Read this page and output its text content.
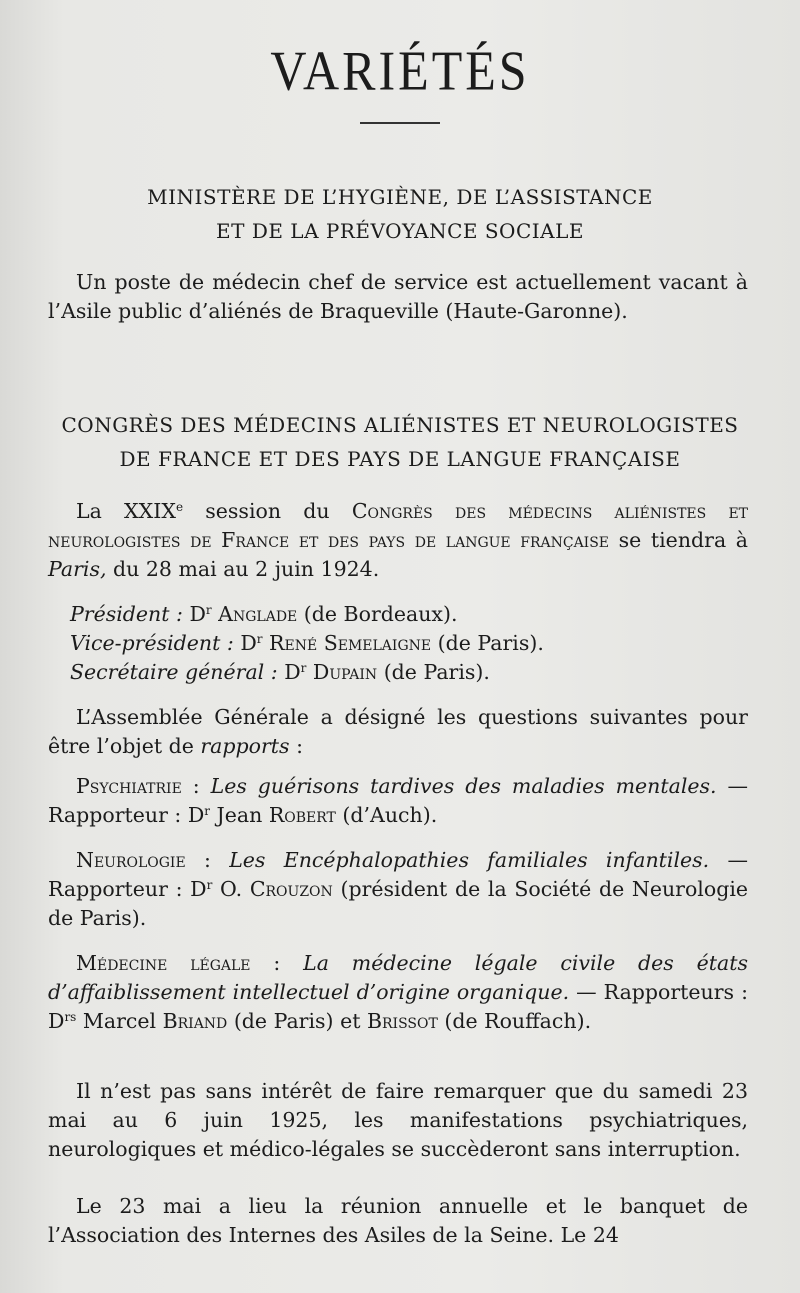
VARIÉTÉS
MINISTÈRE DE L’HYGIÈNE, DE L’ASSISTANCE
ET DE LA PRÉVOYANCE SOCIALE

Un poste de médecin chef de service est actuellement vacant à l’Asile public d’aliénés de Braqueville (Haute-Garonne).

CONGRÈS DES MÉDECINS ALIÉNISTES ET NEUROLOGISTES
DE FRANCE ET DES PAYS DE LANGUE FRANÇAISE

La XXIXe session du Congrès des médecins aliénistes et neurologistes de France et des pays de langue française se tiendra à Paris, du 28 mai au 2 juin 1924.

Président : $D^r$ Anglade (de Bordeaux).
Vice-président : $D^r$ René Semelaigne (de Paris).
Secrétaire général : $D^r$ Dupain (de Paris).

L’Assemblée Générale a désigné les questions suivantes pour être l’objet de rapports :

Psychiatrie : Les guérisons tardives des maladies mentales. — Rapporteur : $D^r$ Jean Robert (d’Auch).

Neurologie : Les Encéphalopathies familiales infantiles. — Rapporteur : $D^r$ O. Crouzon (président de la Société de Neurologie de Paris).

Médecine légale : La médecine légale civile des états d’affaiblissement intellectuel d’origine organique. — Rapporteurs : $D^{rs}$ Marcel Briand (de Paris) et Brissot (de Rouffach).

Il n’est pas sans intérêt de faire remarquer que du samedi 23 mai au 6 juin 1925, les manifestations psychiatriques, neurologiques et médico-légales se succèderont sans interruption.

Le 23 mai a lieu la réunion annuelle et le banquet de l’Association des Internes des Asiles de la Seine. Le 24
